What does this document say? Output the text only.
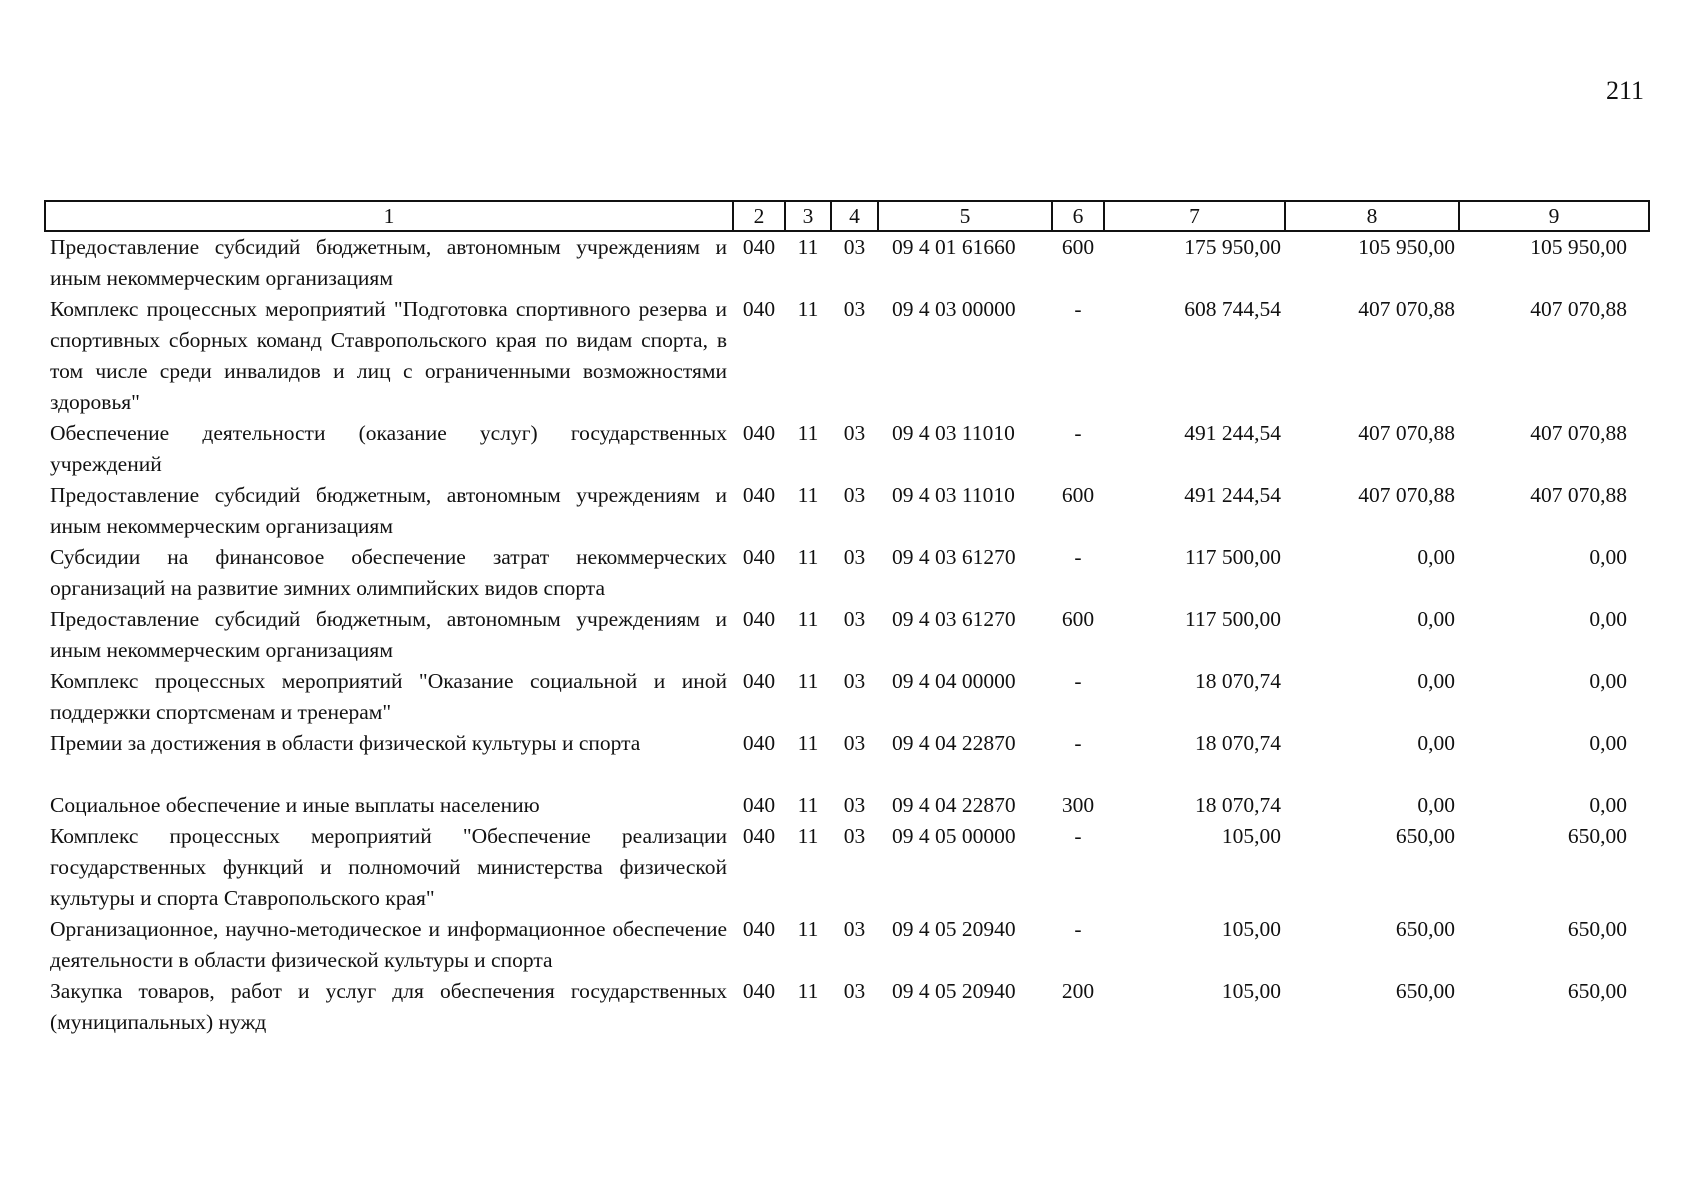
211
1	2	3	4	5	6	7	8	9
Предоставление субсидий бюджетным, автономным учреждениям и иным некоммерческим организациям	040	11	03	09 4 01 61660	600	175 950,00	105 950,00	105 950,00
Комплекс процессных мероприятий "Подготовка спортивного резерва и спортивных сборных команд Ставропольского края по видам спорта, в том числе среди инвалидов и лиц с ограниченными возможностями здоровья"	040	11	03	09 4 03 00000	-	608 744,54	407 070,88	407 070,88
Обеспечение деятельности (оказание услуг) государственных учреждений	040	11	03	09 4 03 11010	-	491 244,54	407 070,88	407 070,88
Предоставление субсидий бюджетным, автономным учреждениям и иным некоммерческим организациям	040	11	03	09 4 03 11010	600	491 244,54	407 070,88	407 070,88
Субсидии на финансовое обеспечение затрат некоммерческих организаций на развитие зимних олимпийских видов спорта	040	11	03	09 4 03 61270	-	117 500,00	0,00	0,00
Предоставление субсидий бюджетным, автономным учреждениям и иным некоммерческим организациям	040	11	03	09 4 03 61270	600	117 500,00	0,00	0,00
Комплекс процессных мероприятий "Оказание социальной и иной поддержки спортсменам и тренерам"	040	11	03	09 4 04 00000	-	18 070,74	0,00	0,00
Премии за достижения в области физической культуры и спорта	040	11	03	09 4 04 22870	-	18 070,74	0,00	0,00
Социальное обеспечение и иные выплаты населению	040	11	03	09 4 04 22870	300	18 070,74	0,00	0,00
Комплекс процессных мероприятий "Обеспечение реализации государственных функций и полномочий министерства физической культуры и спорта Ставропольского края"	040	11	03	09 4 05 00000	-	105,00	650,00	650,00
Организационное, научно-методическое и информационное обеспечение деятельности в области физической культуры и спорта	040	11	03	09 4 05 20940	-	105,00	650,00	650,00
Закупка товаров, работ и услуг для обеспечения государственных (муниципальных) нужд	040	11	03	09 4 05 20940	200	105,00	650,00	650,00
